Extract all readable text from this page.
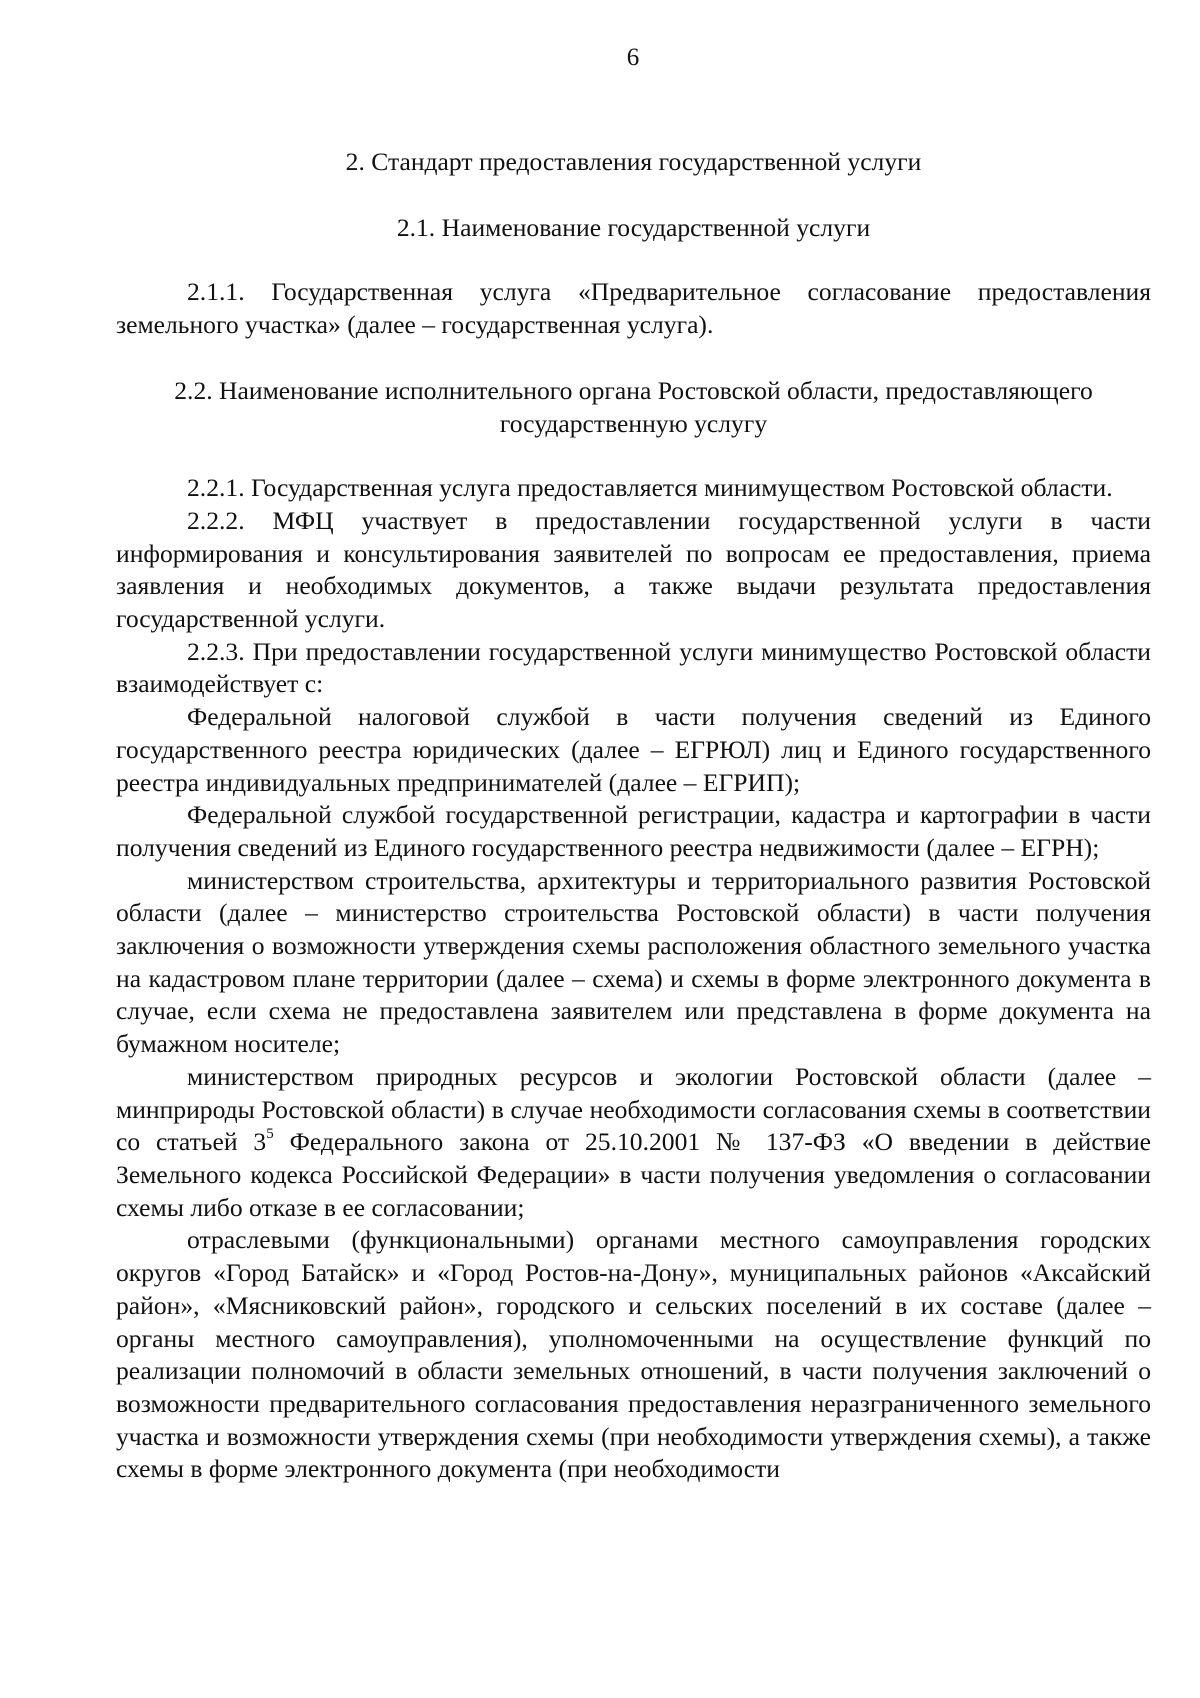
6

2. Стандарт предоставления государственной услуги

2.1. Наименование государственной услуги

2.1.1. Государственная услуга «Предварительное согласование предоставления земельного участка» (далее – государственная услуга).

2.2. Наименование исполнительного органа Ростовской области, предоставляющего государственную услугу

2.2.1. Государственная услуга предоставляется минимуществом Ростовской области.

2.2.2. МФЦ участвует в предоставлении государственной услуги в части информирования и консультирования заявителей по вопросам ее предоставления, приема заявления и необходимых документов, а также выдачи результата предоставления государственной услуги.

2.2.3. При предоставлении государственной услуги минимущество Ростовской области взаимодействует с:

Федеральной налоговой службой в части получения сведений из Единого государственного реестра юридических (далее – ЕГРЮЛ) лиц и Единого государственного реестра индивидуальных предпринимателей (далее – ЕГРИП);

Федеральной службой государственной регистрации, кадастра и картографии в части получения сведений из Единого государственного реестра недвижимости (далее – ЕГРН);

министерством строительства, архитектуры и территориального развития Ростовской области (далее – министерство строительства Ростовской области) в части получения заключения о возможности утверждения схемы расположения областного земельного участка на кадастровом плане территории (далее – схема) и схемы в форме электронного документа в случае, если схема не предоставлена заявителем или представлена в форме документа на бумажном носителе;

министерством природных ресурсов и экологии Ростовской области (далее – минприроды Ростовской области) в случае необходимости согласования схемы в соответствии со статьей $3^5$ Федерального закона от 25.10.2001 № 137-ФЗ «О введении в действие Земельного кодекса Российской Федерации» в части получения уведомления о согласовании схемы либо отказе в ее согласовании;

отраслевыми (функциональными) органами местного самоуправления городских округов «Город Батайск» и «Город Ростов-на-Дону», муниципальных районов «Аксайский район», «Мясниковский район», городского и сельских поселений в их составе (далее – органы местного самоуправления), уполномоченными на осуществление функций по реализации полномочий в области земельных отношений, в части получения заключений о возможности предварительного согласования предоставления неразграниченного земельного участка и возможности утверждения схемы (при необходимости утверждения схемы), а также схемы в форме электронного документа (при необходимости
